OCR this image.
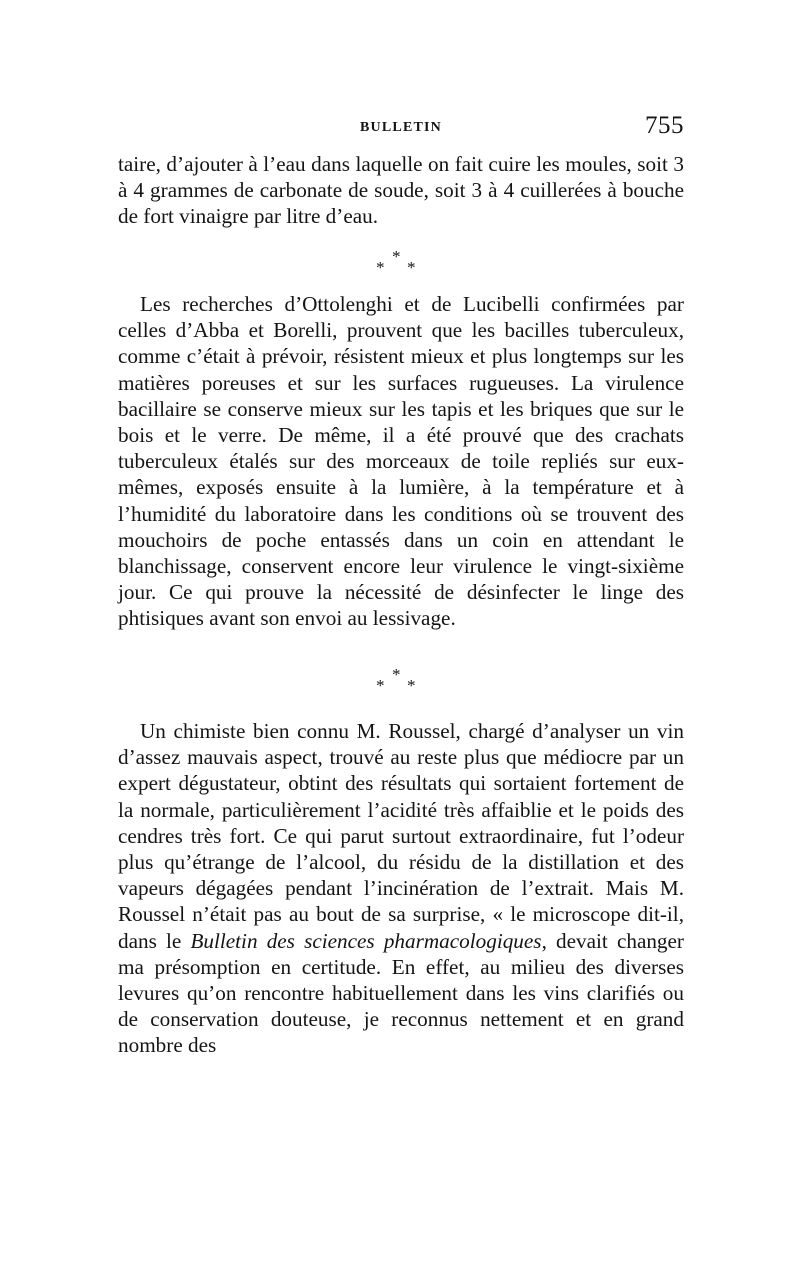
BULLETIN	755

taire, d’ajouter à l’eau dans laquelle on fait cuire les moules, soit 3 à 4 grammes de carbonate de soude, soit 3 à 4 cuillerées à bouche de fort vinaigre par litre d’eau.

*
* *

Les recherches d’Ottolenghi et de Lucibelli confirmées par celles d’Abba et Borelli, prouvent que les bacilles tuberculeux, comme c’était à prévoir, résistent mieux et plus longtemps sur les matières poreuses et sur les surfaces rugueuses. La virulence bacillaire se conserve mieux sur les tapis et les briques que sur le bois et le verre. De même, il a été prouvé que des crachats tuberculeux étalés sur des morceaux de toile repliés sur eux-mêmes, exposés ensuite à la lumière, à la température et à l’humidité du laboratoire dans les conditions où se trouvent des mouchoirs de poche entassés dans un coin en attendant le blanchissage, conservent encore leur virulence le vingt-sixième jour. Ce qui prouve la nécessité de désinfecter le linge des phtisiques avant son envoi au lessivage.

*
* *

Un chimiste bien connu M. Roussel, chargé d’analyser un vin d’assez mauvais aspect, trouvé au reste plus que médiocre par un expert dégustateur, obtint des résultats qui sortaient fortement de la normale, particulièrement l’acidité très affaiblie et le poids des cendres très fort. Ce qui parut surtout extraordinaire, fut l’odeur plus qu’étrange de l’alcool, du résidu de la distillation et des vapeurs dégagées pendant l’incinération de l’extrait. Mais M. Roussel n’était pas au bout de sa surprise, « le microscope dit-il, dans le Bulletin des sciences pharmacologiques, devait changer ma présomption en certitude. En effet, au milieu des diverses levures qu’on rencontre habituellement dans les vins clarifiés ou de conservation douteuse, je reconnus nettement et en grand nombre des
